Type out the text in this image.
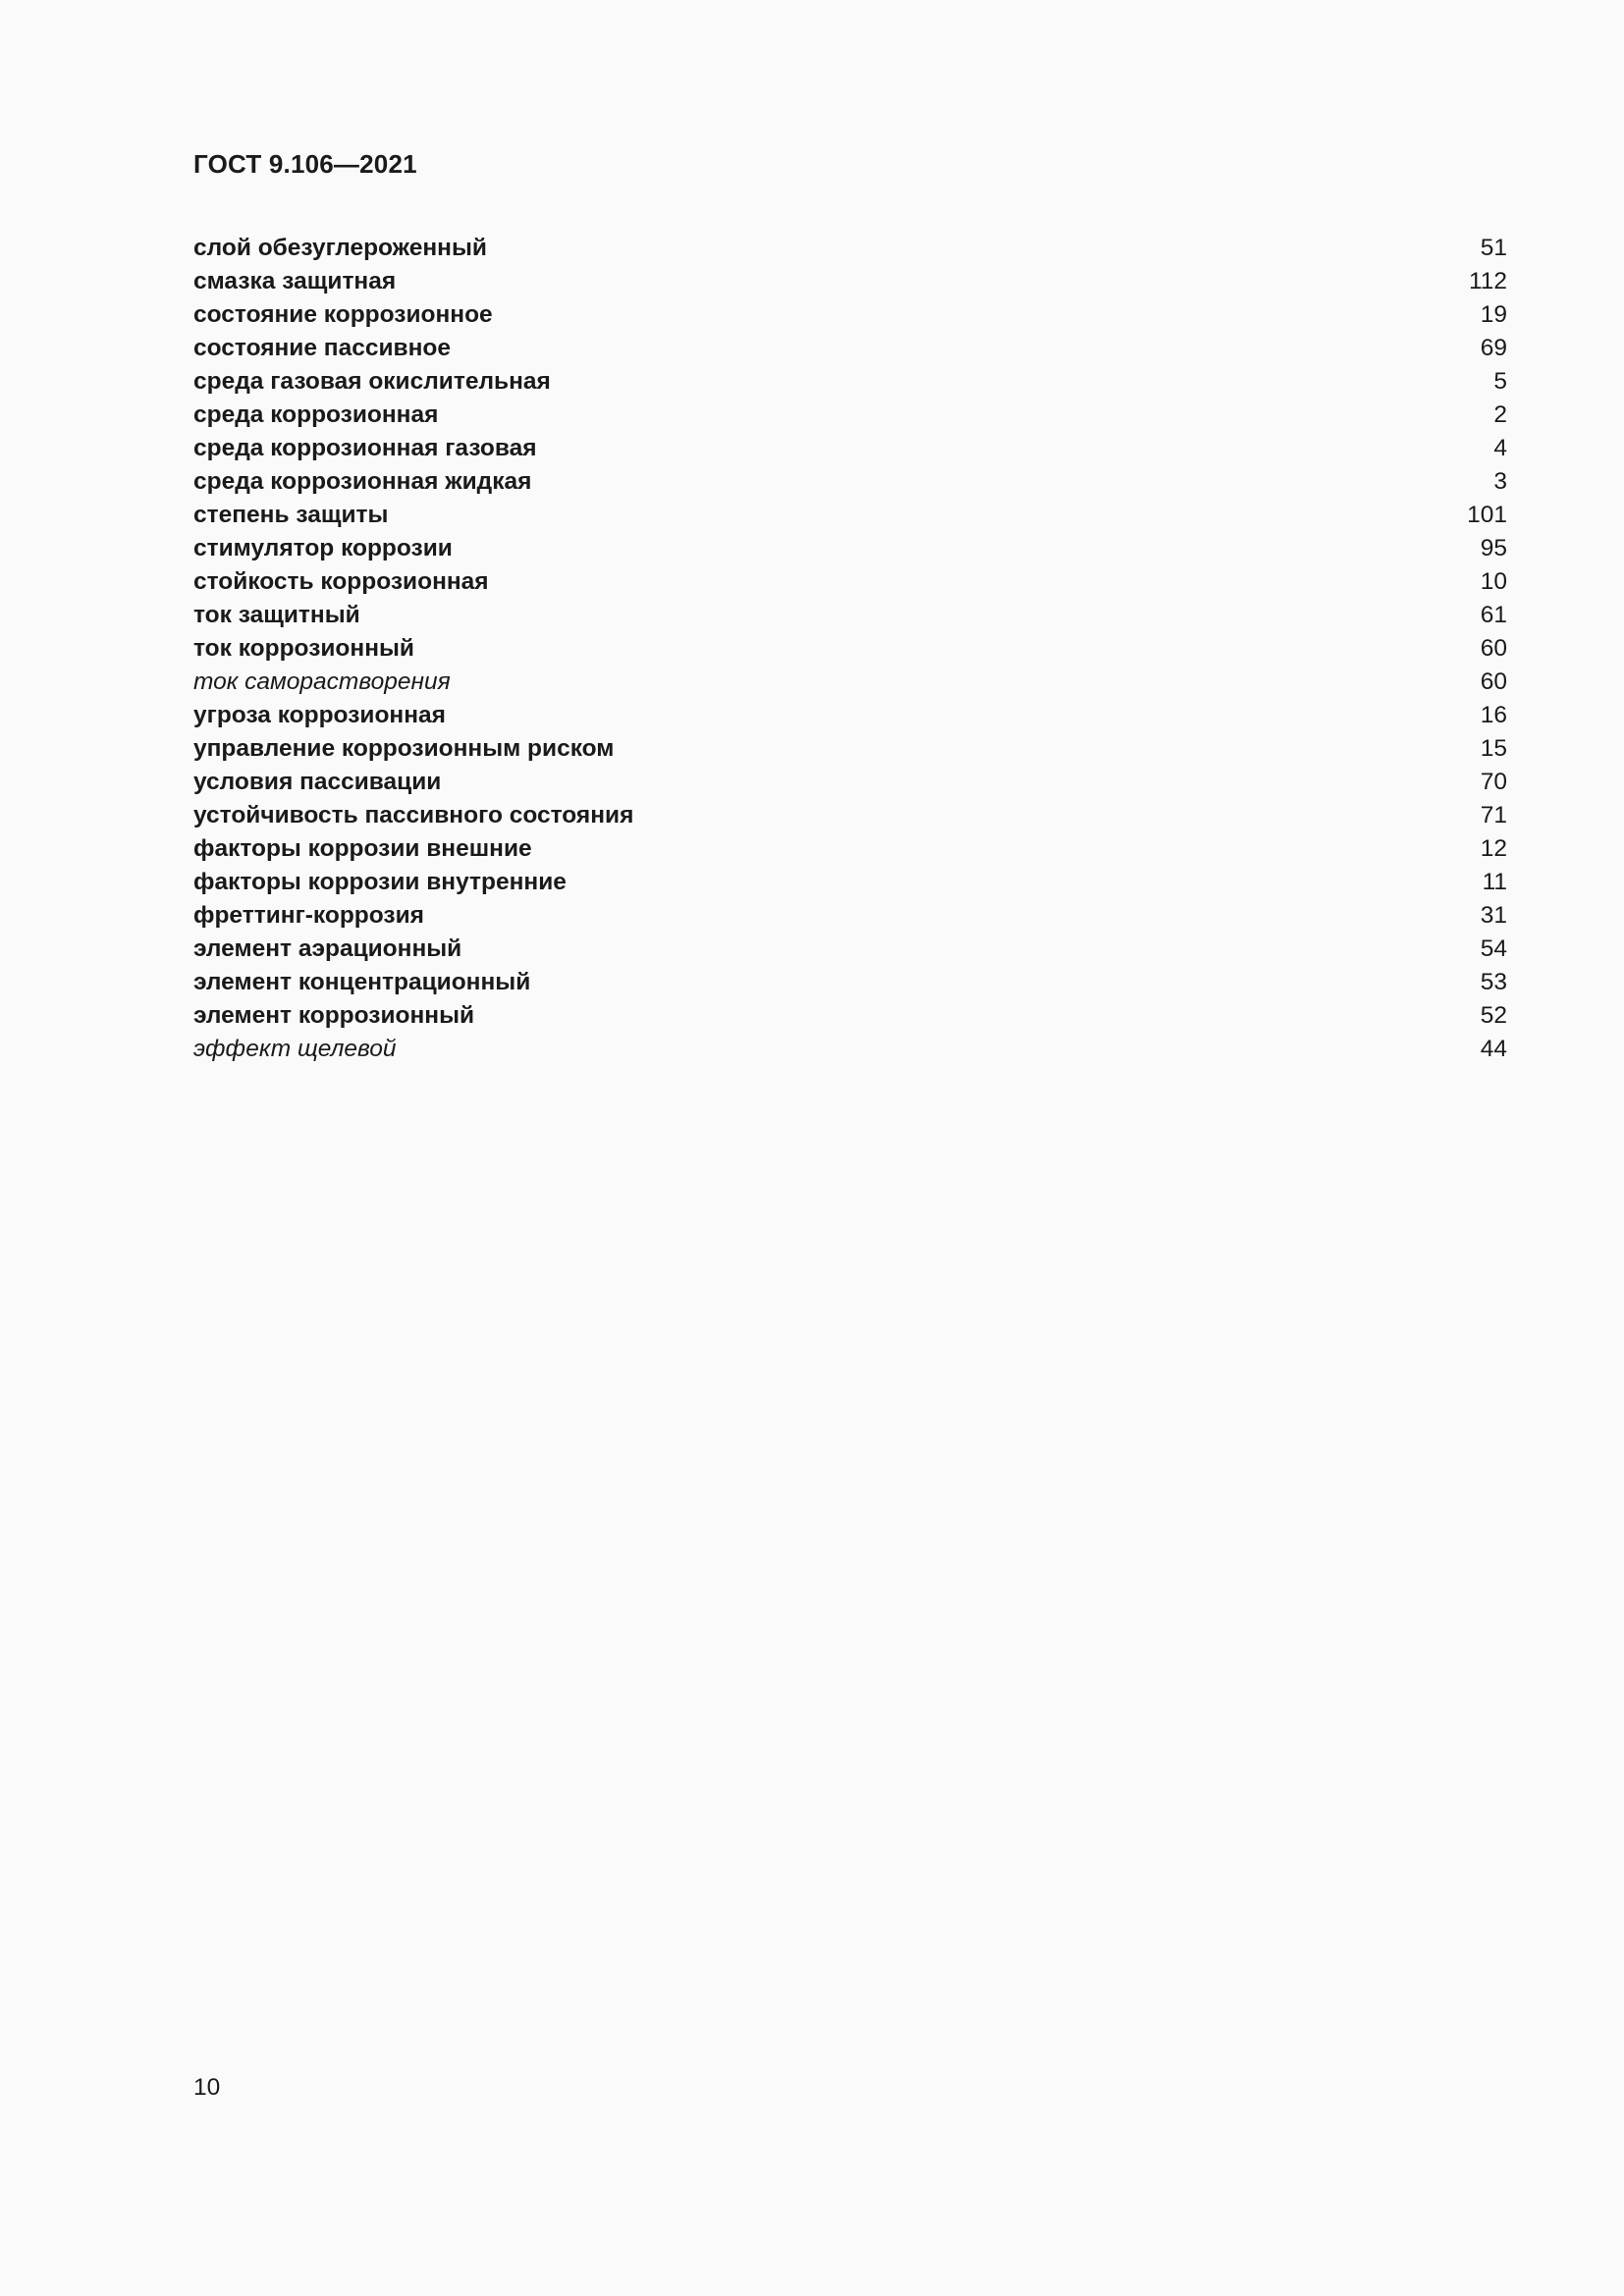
ГОСТ 9.106—2021
слой обезуглероженный	51
смазка защитная	112
состояние коррозионное	19
состояние пассивное	69
среда газовая окислительная	5
среда коррозионная	2
среда коррозионная газовая	4
среда коррозионная жидкая	3
степень защиты	101
стимулятор коррозии	95
стойкость коррозионная	10
ток защитный	61
ток коррозионный	60
ток саморастворения	60
угроза коррозионная	16
управление коррозионным риском	15
условия пассивации	70
устойчивость пассивного состояния	71
факторы коррозии внешние	12
факторы коррозии внутренние	11
фреттинг-коррозия	31
элемент аэрационный	54
элемент концентрационный	53
элемент коррозионный	52
эффект щелевой	44
10
